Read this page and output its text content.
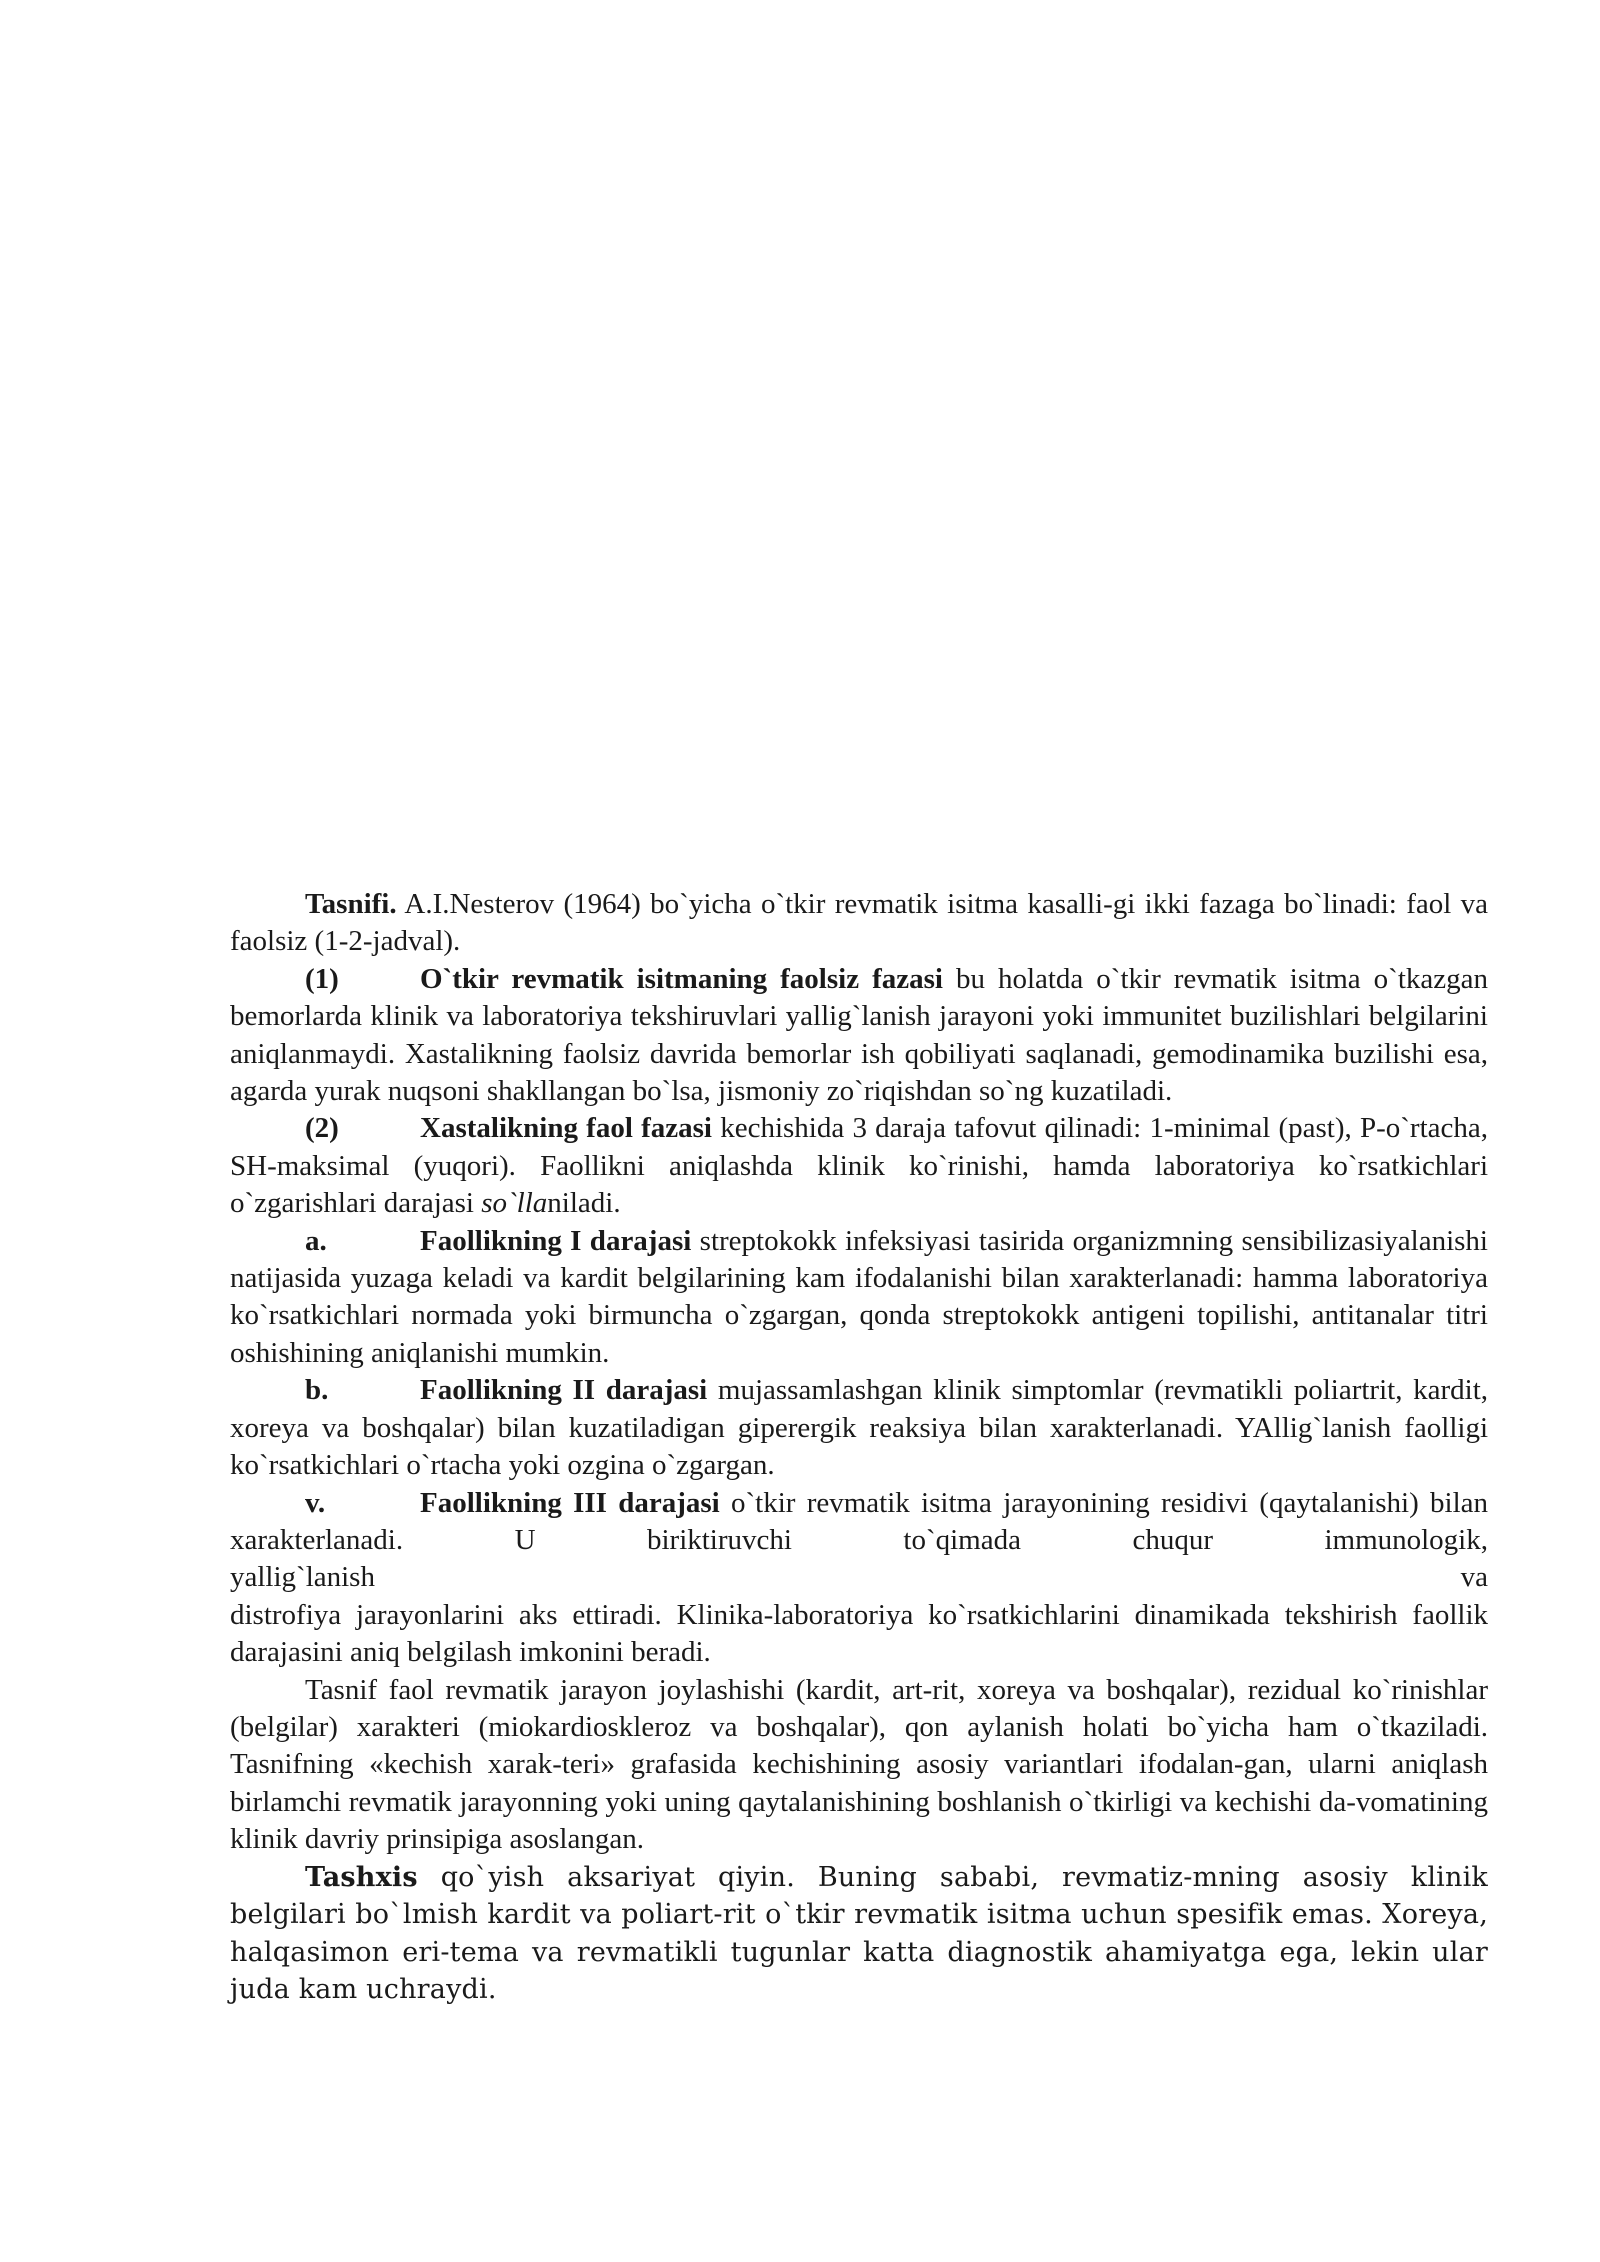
Tasnifi. A.I.Nesterov (1964) bo`yicha o`tkir revmatik isitma kasalli-gi ikki fazaga bo`linadi: faol va faolsiz (1-2-jadval).

(1)	O`tkir revmatik isitmaning faolsiz fazasi bu holatda o`tkir revmatik isitma o`tkazgan bemorlarda klinik va laboratoriya tekshiruvlari yallig`lanish jarayoni yoki immunitet buzilishlari belgilarini aniqlanmaydi. Xastalikning faolsiz davrida bemorlar ish qobiliyati saqlanadi, gemodinamika buzilishi esa, agarda yurak nuqsoni shakllangan bo`lsa, jismoniy zo`riqishdan so`ng kuzatiladi.

(2)	Xastalikning faol fazasi kechishida 3 daraja tafovut qilinadi: 1-minimal (past), P-o`rtacha, SH-maksimal (yuqori). Faollikni aniqlashda klinik ko`rinishi, hamda laboratoriya ko`rsatkichlari o`zgarishlari darajasi so`llaniladi.

a.	Faollikning I darajasi streptokokk infeksiyasi tasirida organizmning sensibilizasiyalanishi natijasida yuzaga keladi va kardit belgilarining kam ifodalanishi bilan xarakterlanadi: hamma laboratoriya ko`rsatkichlari normada yoki birmuncha o`zgargan, qonda streptokokk antigeni topilishi, antitanalar titri oshishining aniqlanishi mumkin.

b.	Faollikning II darajasi mujassamlashgan klinik simptomlar (revmatikli poliartrit, kardit, xoreya va boshqalar) bilan kuzatiladigan giperergik reaksiya bilan xarakterlanadi. YAllig`lanish faolligi ko`rsatkichlari o`rtacha yoki ozgina o`zgargan.

v.	Faollikning III darajasi o`tkir revmatik isitma jarayonining residivi (qaytalanishi) bilan xarakterlanadi. U biriktiruvchi to`qimada chuqur immunologik,
yallig`lanish	va
distrofiya jarayonlarini aks ettiradi. Klinika-laboratoriya ko`rsatkichlarini dinamikada tekshirish faollik darajasini aniq belgilash imkonini beradi.

Tasnif faol revmatik jarayon joylashishi (kardit, art-rit, xoreya va boshqalar), rezidual ko`rinishlar (belgilar) xarakteri (miokardioskleroz va boshqalar), qon aylanish holati bo`yicha ham o`tkaziladi. Tasnifning «kechish xarak-teri» grafasida kechishining asosiy variantlari ifodalan-gan, ularni aniqlash birlamchi revmatik jarayonning yoki uning qaytalanishining boshlanish o`tkirligi va kechishi da-vomatining klinik davriy prinsipiga asoslangan.

Tashxis qo`yish aksariyat qiyin. Buning sababi, revmatiz-mning asosiy klinik belgilari bo`lmish kardit va poliart-rit o`tkir revmatik isitma uchun spesifik emas. Xoreya, halqasimon eri-tema va revmatikli tugunlar katta diagnostik ahamiyatga ega, lekin ular juda kam uchraydi.
